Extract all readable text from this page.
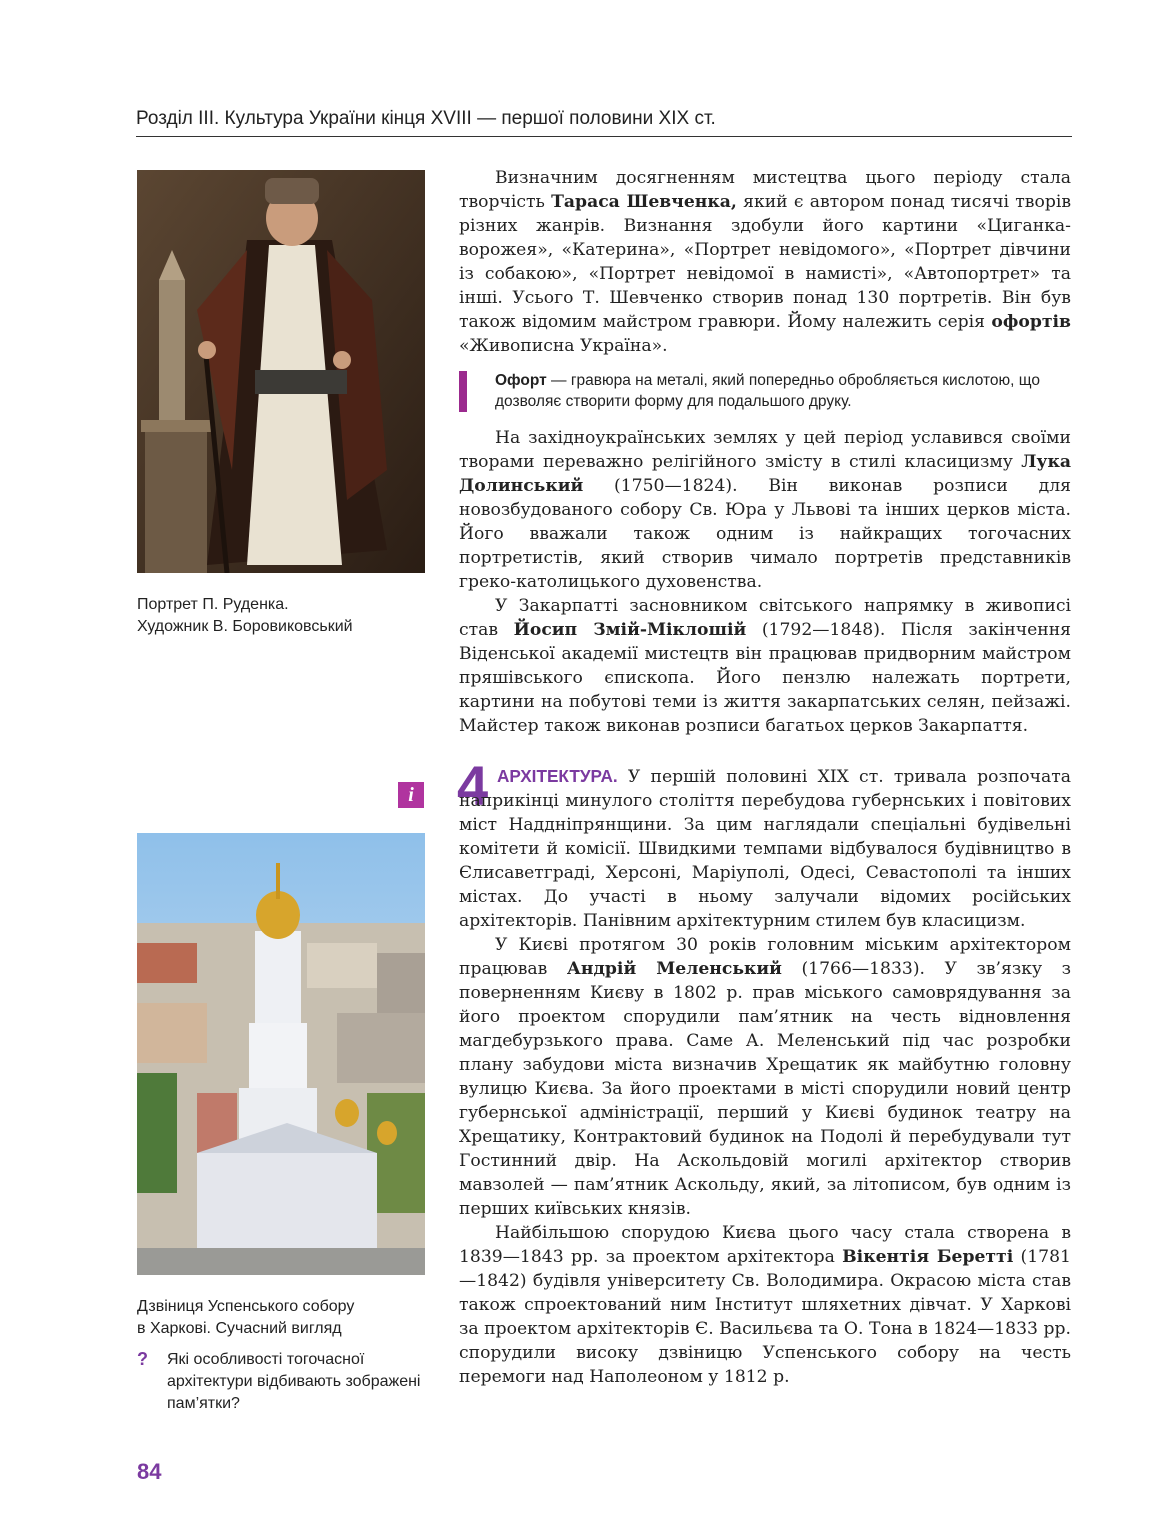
Розділ ІІІ. Культура України кінця XVIII — першої половини XIX ст.
Портрет П. Руденка.
Художник В. Боровиковський
i
Дзвіниця Успенського собору
в Харкові. Сучасний вигляд
? Які особливості тогочасної архітектури відбивають зображені пам’ятки?
84

Визначним досягненням мистецтва цього періоду стала творчість Тараса Шевченка, який є автором понад тисячі творів різних жанрів. Визнання здобули його картини «Циганка-ворожея», «Катерина», «Портрет невідомого», «Портрет дівчини із собакою», «Портрет невідомої в намисті», «Автопортрет» та інші. Усього Т. Шевченко створив понад 130 портретів. Він був також відомим майстром гравюри. Йому належить серія офортів «Живописна Україна».

Офорт — гравюра на металі, який попередньо обробляється кислотою, що дозволяє створити форму для подальшого друку.

На західноукраїнських землях у цей період уславився своїми творами переважно релігійного змісту в стилі класицизму Лука Долинський (1750—1824). Він виконав розписи для новозбудованого собору Св. Юра у Львові та інших церков міста. Його вважали також одним із найкращих тогочасних портретистів, який створив чимало портретів представників греко-католицького духовенства.

У Закарпатті засновником світського напрямку в живописі став Йосип Змій-Міклошій (1792—1848). Після закінчення Віденської академії мистецтв він працював придворним майстром пряшівського єпископа. Його пензлю належать портрети, картини на побутові теми із життя закарпатських селян, пейзажі. Майстер також виконав розписи багатьох церков Закарпаття.

4 АРХІТЕКТУРА. У першій половині XIX ст. тривала розпочата наприкінці минулого століття перебудова губернських і повітових міст Наддніпрянщини. За цим наглядали спеціальні будівельні комітети й комісії. Швидкими темпами відбувалося будівництво в Єлисаветграді, Херсоні, Маріуполі, Одесі, Севастополі та інших містах. До участі в ньому залучали відомих російських архітекторів. Панівним архітектурним стилем був класицизм.

У Києві протягом 30 років головним міським архітектором працював Андрій Меленський (1766—1833). У зв’язку з поверненням Києву в 1802 р. прав міського самоврядування за його проектом спорудили пам’ятник на честь відновлення магдебурзького права. Саме А. Меленський під час розробки плану забудови міста визначив Хрещатик як майбутню головну вулицю Києва. За його проектами в місті спорудили новий центр губернської адміністрації, перший у Києві будинок театру на Хрещатику, Контрактовий будинок на Подолі й перебудували тут Гостинний двір. На Аскольдовій могилі архітектор створив мавзолей — пам’ятник Аскольду, який, за літописом, був одним із перших київських князів.

Найбільшою спорудою Києва цього часу стала створена в 1839—1843 рр. за проектом архітектора Вікентія Беретті (1781—1842) будівля університету Св. Володимира. Окрасою міста став також спроектований ним Інститут шляхетних дівчат. У Харкові за проектом архітекторів Є. Васильєва та О. Тона в 1824—1833 рр. спорудили високу дзвіницю Успенського собору на честь перемоги над Наполеоном у 1812 р.
